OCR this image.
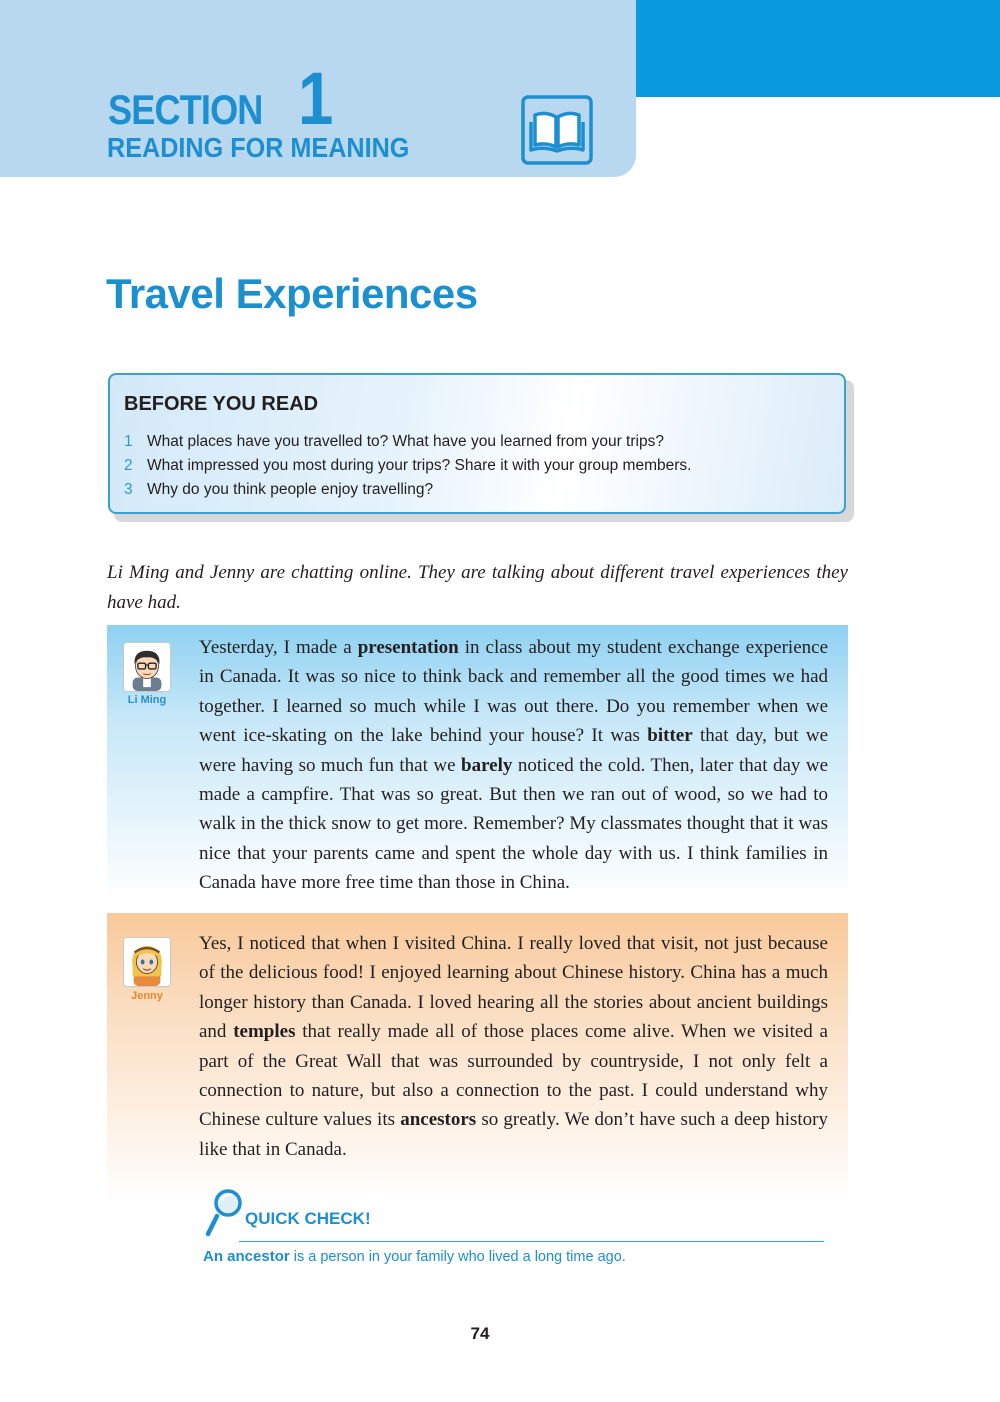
SECTION 1
READING FOR MEANING
Travel Experiences
BEFORE YOU READ
1 What places have you travelled to? What have you learned from your trips?
2 What impressed you most during your trips? Share it with your group members.
3 Why do you think people enjoy travelling?

Li Ming and Jenny are chatting online. They are talking about different travel experiences they have had.

Li Ming

Yesterday, I made a presentation in class about my student exchange experience in Canada. It was so nice to think back and remember all the good times we had together. I learned so much while I was out there. Do you remember when we went ice-skating on the lake behind your house? It was bitter that day, but we were having so much fun that we barely noticed the cold. Then, later that day we made a campfire. That was so great. But then we ran out of wood, so we had to walk in the thick snow to get more. Remember? My classmates thought that it was nice that your parents came and spent the whole day with us. I think families in Canada have more free time than those in China.

Jenny

Yes, I noticed that when I visited China. I really loved that visit, not just because of the delicious food! I enjoyed learning about Chinese history. China has a much longer history than Canada. I loved hearing all the stories about ancient buildings and temples that really made all of those places come alive. When we visited a part of the Great Wall that was surrounded by countryside, I not only felt a connection to nature, but also a connection to the past. I could understand why Chinese culture values its ancestors so greatly. We don’t have such a deep history like that in Canada.

QUICK CHECK!

An ancestor is a person in your family who lived a long time ago.

74
